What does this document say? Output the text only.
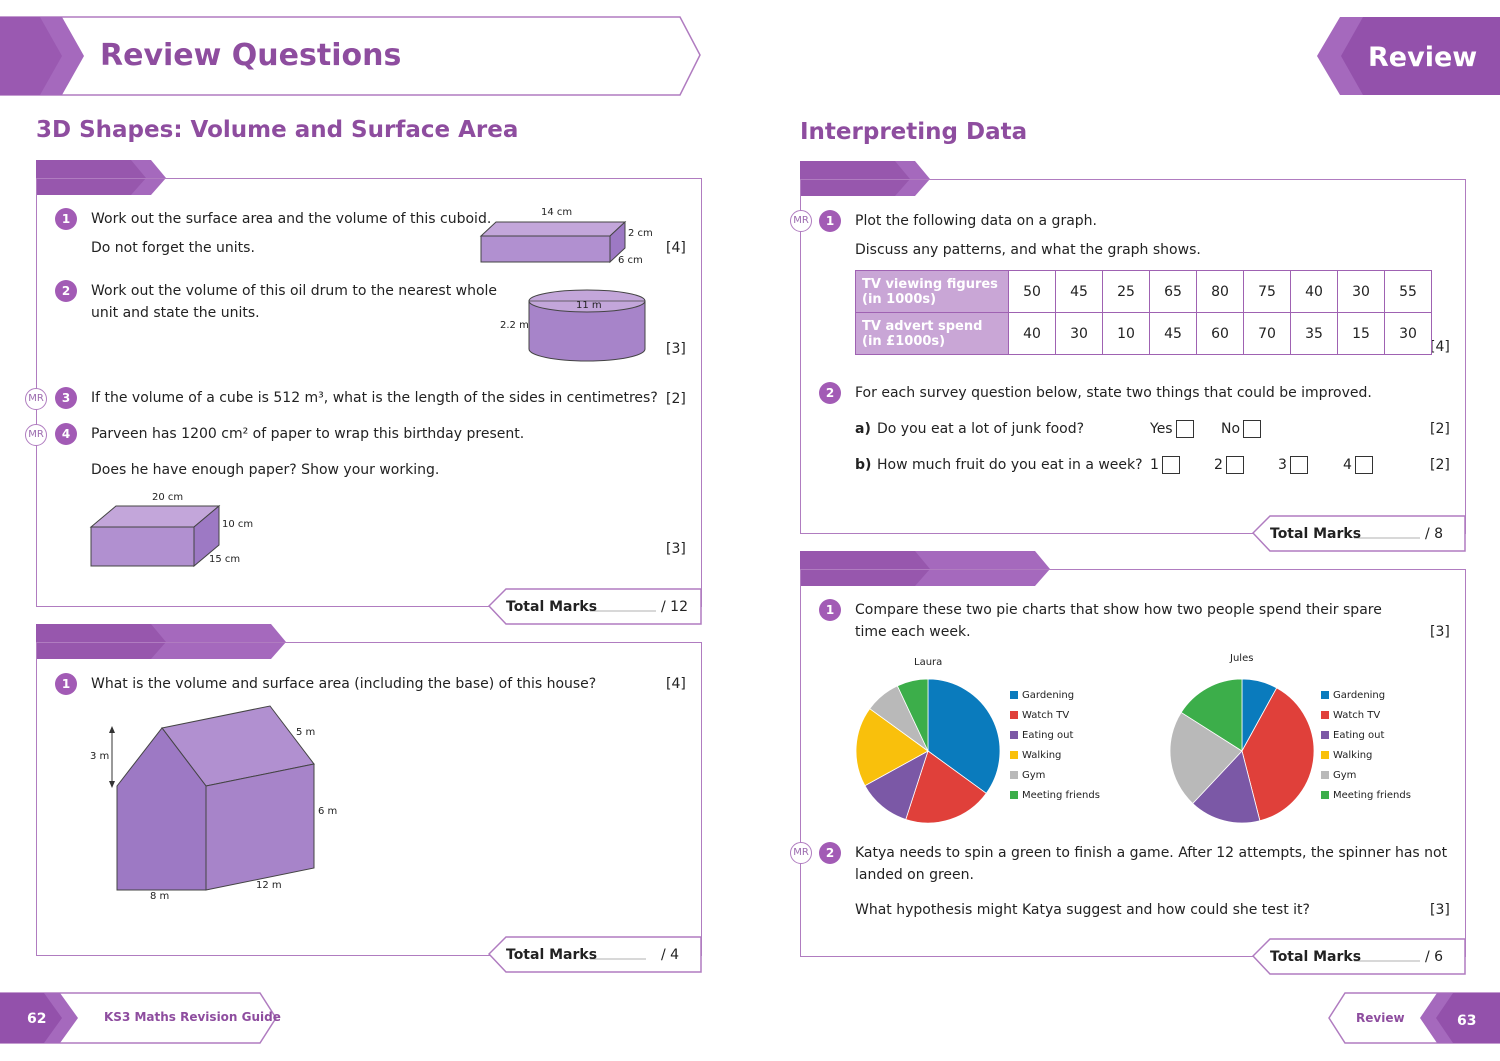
Review Questions	Review
3D Shapes: Volume and Surface Area
1	Work out the surface area and the volume of this cuboid.
Do not forget the units.	[4]
14 cm
2 cm
6 cm
2	Work out the volume of this oil drum to the nearest whole
unit and state the units.
[3]
11 m
2.2 m
MR	3	If the volume of a cube is 512 m³, what is the length of the sides in centimetres? [2]
MR	4	Parveen has 1200 cm² of paper to wrap this birthday present.
Does he have enough paper? Show your working.
[3]
20 cm
10 cm
15 cm
Total Marks	/ 12
1	What is the volume and surface area (including the base) of this house?	[4]
3 m
5 m
6 m
8 m
12 m
Total Marks	/ 4
62	KS3 Maths Revision Guide
Interpreting Data
MR	1	Plot the following data on a graph.
Discuss any patterns, and what the graph shows.
[4]
TV viewing figures (in 1000s)	50	45	25	65	80	75	40	30	55
TV advert spend (in £1000s)	40	30	10	45	60	70	35	15	30
2	For each survey question below, state two things that could be improved.
a) Do you eat a lot of junk food?	Yes	No	[2]
b) How much fruit do you eat in a week? 1	2	3	4	[2]
Total Marks	/ 8
1	Compare these two pie charts that show how two people spend their spare
time each week.	[3]
Laura
Gardening
Watch TV
Eating out
Walking
Gym
Meeting friends
Jules
Gardening
Watch TV
Eating out
Walking
Gym
Meeting friends
MR	2	Katya needs to spin a green to finish a game. After 12 attempts, the spinner has not
landed on green.
What hypothesis might Katya suggest and how could she test it?	[3]
Total Marks	/ 6
Review	63
